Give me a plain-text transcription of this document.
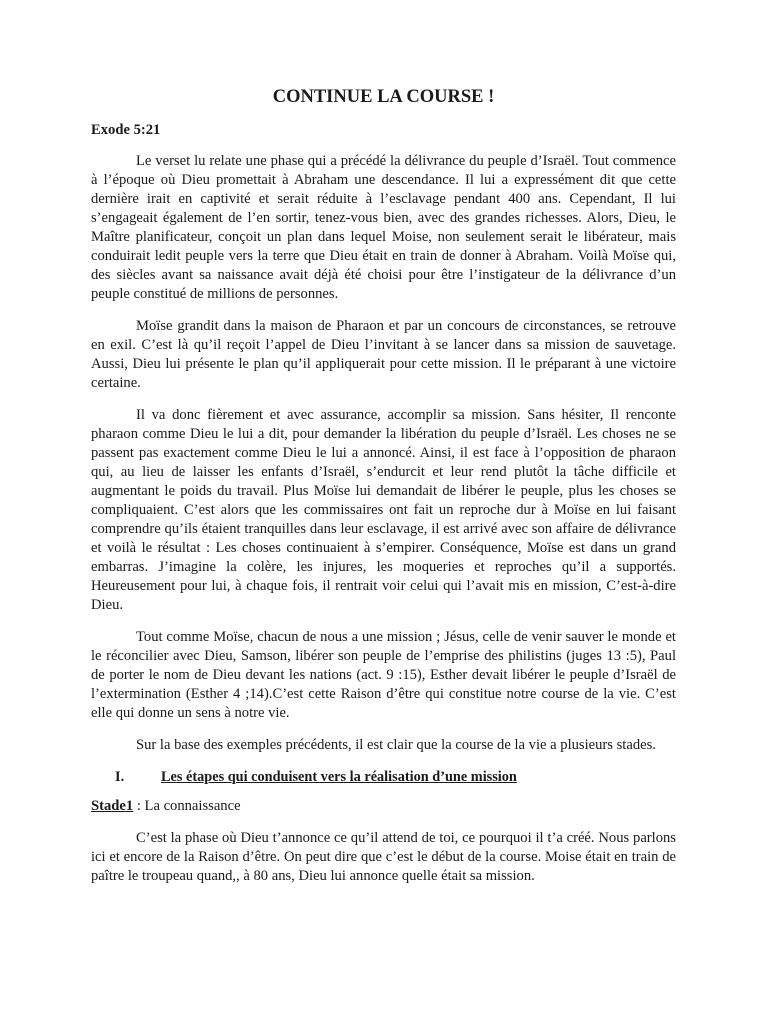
CONTINUE LA COURSE !
Exode 5:21

Le verset lu relate une phase qui a précédé la délivrance du peuple d’Israël. Tout commence à l’époque où Dieu promettait à Abraham une descendance. Il lui a expressément dit que cette dernière irait en captivité et serait réduite à l’esclavage pendant 400 ans. Cependant, Il lui s’engageait également de l’en sortir, tenez-vous bien, avec des grandes richesses. Alors, Dieu, le Maître planificateur, conçoit un plan dans lequel Moise, non seulement serait le libérateur, mais conduirait ledit peuple vers la terre que Dieu était en train de donner à Abraham. Voilà Moïse qui, des siècles avant sa naissance avait déjà été choisi pour être l’instigateur de la délivrance d’un peuple constitué de millions de personnes.

Moïse grandit dans la maison de Pharaon et par un concours de circonstances, se retrouve en exil. C’est là qu’il reçoit l’appel de Dieu l’invitant à se lancer dans sa mission de sauvetage. Aussi, Dieu lui présente le plan qu’il appliquerait pour cette mission. Il le préparant à une victoire certaine.

Il va donc fièrement et avec assurance, accomplir sa mission. Sans hésiter, Il renconte pharaon comme Dieu le lui a dit, pour demander la libération du peuple d’Israël. Les choses ne se passent pas exactement comme Dieu le lui a annoncé. Ainsi, il est face à l’opposition de pharaon qui, au lieu de laisser les enfants d’Israël, s’endurcit et leur rend plutôt la tâche difficile et augmentant le poids du travail. Plus Moïse lui demandait de libérer le peuple, plus les choses se compliquaient. C’est alors que les commissaires ont fait un reproche dur à Moïse en lui faisant comprendre qu’ils étaient tranquilles dans leur esclavage, il est arrivé avec son affaire de délivrance et voilà le résultat : Les choses continuaient à s’empirer. Conséquence, Moïse est dans un grand embarras. J’imagine la colère, les injures, les moqueries et reproches qu’il a supportés. Heureusement pour lui, à chaque fois, il rentrait voir celui qui l’avait mis en mission, C’est-à-dire Dieu.

Tout comme Moïse, chacun de nous a une mission ; Jésus, celle de venir sauver le monde et le réconcilier avec Dieu, Samson, libérer son peuple de l’emprise des philistins (juges 13 :5), Paul de porter le nom de Dieu devant les nations (act. 9 :15), Esther devait libérer le peuple d’Israël de l’extermination (Esther 4 ;14).C’est cette Raison d’être qui constitue notre course de la vie. C’est elle qui donne un sens à notre vie.

Sur la base des exemples précédents, il est clair que la course de la vie a plusieurs stades.

I.	Les étapes qui conduisent vers la réalisation d’une mission
Stade1 : La connaissance

C’est la phase où Dieu t’annonce ce qu’il attend de toi, ce pourquoi il t’a créé. Nous parlons ici et encore de la Raison d’être. On peut dire que c’est le début de la course. Moise était en train de paître le troupeau quand,, à 80 ans, Dieu lui annonce quelle était sa mission.
